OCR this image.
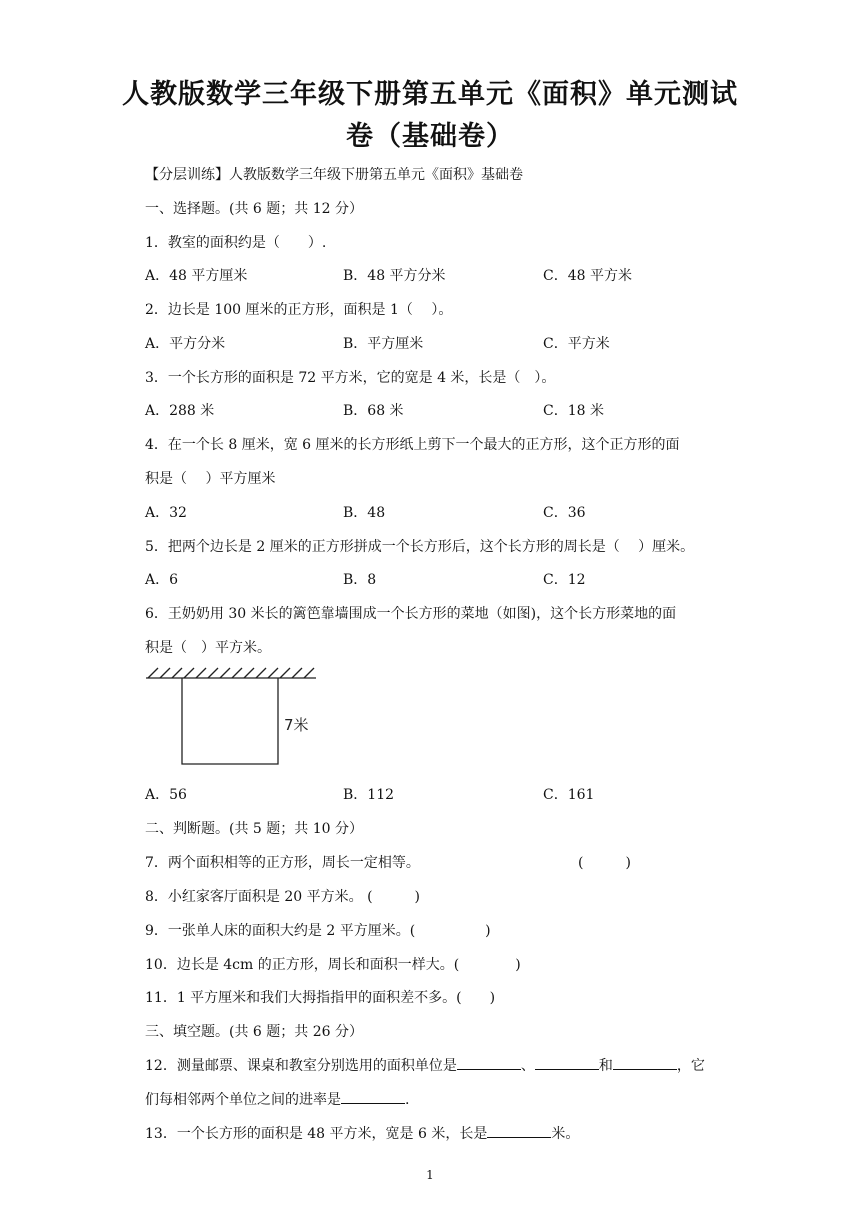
人教版数学三年级下册第五单元《面积》单元测试
卷（基础卷）
【分层训练】人教版数学三年级下册第五单元《面积》基础卷
一、选择题。(共 6 题；共 12 分）
1．教室的面积约是（　　）.
A．48 平方厘米	B．48 平方分米	C．48 平方米
2．边长是 100 厘米的正方形，面积是 1（　 ）。
A．平方分米	B．平方厘米	C．平方米
3．一个长方形的面积是 72 平方米，它的宽是 4 米，长是（　）。
A．288 米	B．68 米	C．18 米
4．在一个长 8 厘米，宽 6 厘米的长方形纸上剪下一个最大的正方形，这个正方形的面
积是（　 ）平方厘米
A．32	B．48	C．36
5．把两个边长是 2 厘米的正方形拼成一个长方形后，这个长方形的周长是（　 ）厘米。
A．6	B．8	C．12
6．王奶奶用 30 米长的篱笆靠墙围成一个长方形的菜地（如图)，这个长方形菜地的面
积是（　）平方米。
7米
A．56	B．112	C．161
二、判断题。(共 5 题；共 10 分）
7．两个面积相等的正方形，周长一定相等。	(　　　)
8．小红家客厅面积是 20 平方米。 (　　　)
9．一张单人床的面积大约是 2 平方厘米。(　　　　　)
10．边长是 4cm 的正方形，周长和面积一样大。(　　　　)
11．1 平方厘米和我们大拇指指甲的面积差不多。(　　)
三、填空题。(共 6 题；共 26 分）
12．测量邮票、课桌和教室分别选用的面积单位是	、	和	，它
们每相邻两个单位之间的进率是	.
13．一个长方形的面积是 48 平方米，宽是 6 米，长是	米。
1
